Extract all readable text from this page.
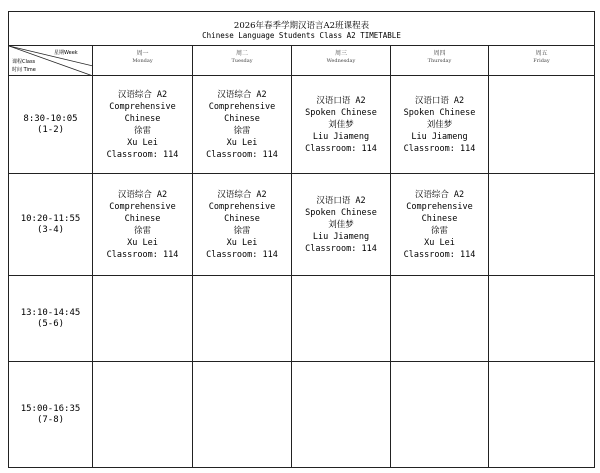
2026年春季学期汉语言A2班课程表
Chinese Language Students Class A2 TIMETABLE
星期Week
课程Class
时间 Time
周一
Monday
周二
Tuesday
周三
Wednesday
周四
Thursday
周五
Friday
8:30-10:05
(1-2)
汉语综合 A2
Comprehensive
Chinese
徐雷
Xu Lei
Classroom: 114
汉语综合 A2
Comprehensive
Chinese
徐雷
Xu Lei
Classroom: 114
汉语口语 A2
Spoken Chinese
刘佳梦
Liu Jiameng
Classroom: 114
汉语口语 A2
Spoken Chinese
刘佳梦
Liu Jiameng
Classroom: 114
10:20-11:55
(3-4)
汉语综合 A2
Comprehensive
Chinese
徐雷
Xu Lei
Classroom: 114
汉语综合 A2
Comprehensive
Chinese
徐雷
Xu Lei
Classroom: 114
汉语口语 A2
Spoken Chinese
刘佳梦
Liu Jiameng
Classroom: 114
汉语综合 A2
Comprehensive
Chinese
徐雷
Xu Lei
Classroom: 114
13:10-14:45
(5-6)
15:00-16:35
(7-8)
